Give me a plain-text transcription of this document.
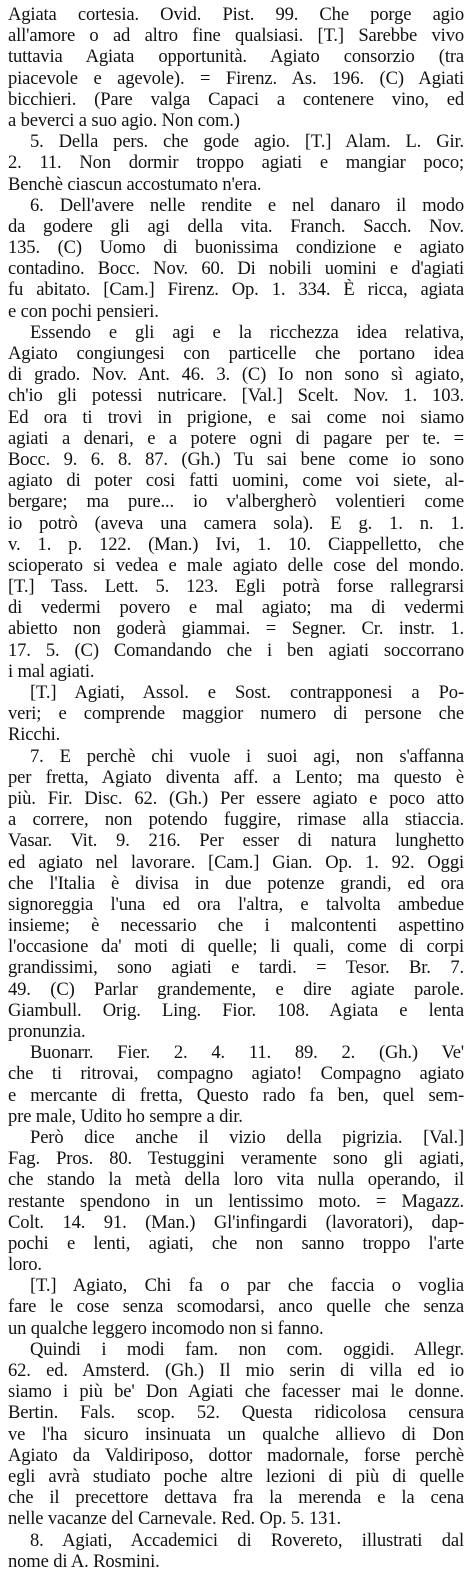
Agiata cortesia. Ovid. Pist. 99. Che porge agio
all'amore o ad altro fine qualsiasi. [T.] Sarebbe vivo
tuttavia Agiata opportunità. Agiato consorzio (tra
piacevole e agevole). = Firenz. As. 196. (C) Agiati
bicchieri. (Pare valga Capaci a contenere vino, ed
a beverci a suo agio. Non com.)
5. Della pers. che gode agio. [T.] Alam. L. Gir.
2. 11. Non dormir troppo agiati e mangiar poco;
Benchè ciascun accostumato n'era.
6. Dell'avere nelle rendite e nel danaro il modo
da godere gli agi della vita. Franch. Sacch. Nov.
135. (C) Uomo di buonissima condizione e agiato
contadino. Bocc. Nov. 60. Di nobili uomini e d'agiati
fu abitato. [Cam.] Firenz. Op. 1. 334. È ricca, agiata
e con pochi pensieri.
Essendo e gli agi e la ricchezza idea relativa,
Agiato congiungesi con particelle che portano idea
di grado. Nov. Ant. 46. 3. (C) Io non sono sì agiato,
ch'io gli potessi nutricare. [Val.] Scelt. Nov. 1. 103.
Ed ora ti trovi in prigione, e sai come noi siamo
agiati a denari, e a potere ogni di pagare per te. =
Bocc. 9. 6. 8. 87. (Gh.) Tu sai bene come io sono
agiato di poter cosi fatti uomini, come voi siete, al-
bergare; ma pure... io v'albergherò volentieri come
io potrò (aveva una camera sola). E g. 1. n. 1.
v. 1. p. 122. (Man.) Ivi, 1. 10. Ciappelletto, che
scioperato si vedea e male agiato delle cose del mondo.
[T.] Tass. Lett. 5. 123. Egli potrà forse rallegrarsi
di vedermi povero e mal agiato; ma di vedermi
abietto non goderà giammai. = Segner. Cr. instr. 1.
17. 5. (C) Comandando che i ben agiati soccorrano
i mal agiati.
[T.] Agiati, Assol. e Sost. contrapponesi a Po-
veri; e comprende maggior numero di persone che
Ricchi.
7. E perchè chi vuole i suoi agi, non s'affanna
per fretta, Agiato diventa aff. a Lento; ma questo è
più. Fir. Disc. 62. (Gh.) Per essere agiato e poco atto
a correre, non potendo fuggire, rimase alla stiaccia.
Vasar. Vit. 9. 216. Per esser di natura lunghetto
ed agiato nel lavorare. [Cam.] Gian. Op. 1. 92. Oggi
che l'Italia è divisa in due potenze grandi, ed ora
signoreggia l'una ed ora l'altra, e talvolta ambedue
insieme; è necessario che i malcontenti aspettino
l'occasione da' moti di quelle; li quali, come di corpi
grandissimi, sono agiati e tardi. = Tesor. Br. 7.
49. (C) Parlar grandemente, e dire agiate parole.
Giambull. Orig. Ling. Fior. 108. Agiata e lenta
pronunzia.
Buonarr. Fier. 2. 4. 11. 89. 2. (Gh.) Ve'
che ti ritrovai, compagno agiato! Compagno agiato
e mercante di fretta, Questo rado fa ben, quel sem-
pre male, Udito ho sempre a dir.
Però dice anche il vizio della pigrizia. [Val.]
Fag. Pros. 80. Testuggini veramente sono gli agiati,
che stando la metà della loro vita nulla operando, il
restante spendono in un lentissimo moto. = Magazz.
Colt. 14. 91. (Man.) Gl'infingardi (lavoratori), dap-
pochi e lenti, agiati, che non sanno troppo l'arte
loro.
[T.] Agiato, Chi fa o par che faccia o voglia
fare le cose senza scomodarsi, anco quelle che senza
un qualche leggero incomodo non si fanno.
Quindi i modi fam. non com. oggidi. Allegr.
62. ed. Amsterd. (Gh.) Il mio serin di villa ed io
siamo i più be' Don Agiati che facesser mai le donne.
Bertin. Fals. scop. 52. Questa ridicolosa censura
ve l'ha sicuro insinuata un qualche allievo di Don
Agiato da Valdiriposo, dottor madornale, forse perchè
egli avrà studiato poche altre lezioni di più di quelle
che il precettore dettava fra la merenda e la cena
nelle vacanze del Carnevale. Red. Op. 5. 131.
8. Agiati, Accademici di Rovereto, illustrati dal
nome di A. Rosmini.
